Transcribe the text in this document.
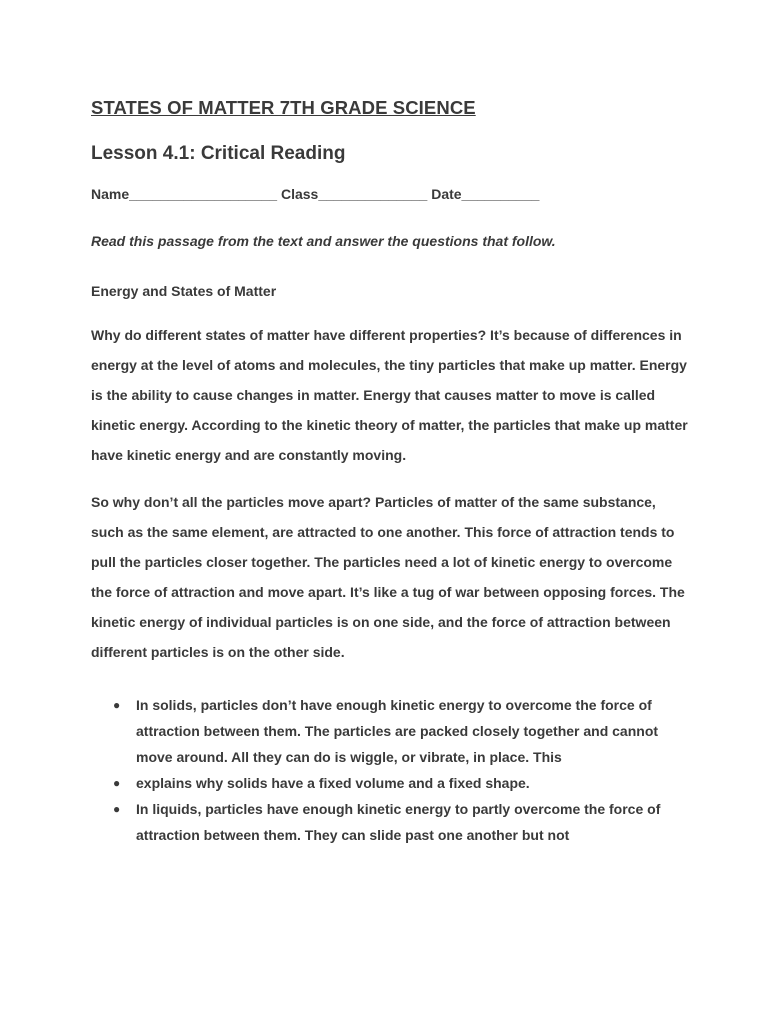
STATES OF MATTER 7TH GRADE SCIENCE
Lesson 4.1: Critical Reading
Name___________________ Class______________ Date__________
Read this passage from the text and answer the questions that follow.
Energy and States of Matter

Why do different states of matter have different properties? It’s because of differences in energy at the level of atoms and molecules, the tiny particles that make up matter. Energy is the ability to cause changes in matter. Energy that causes matter to move is called kinetic energy. According to the kinetic theory of matter, the particles that make up matter have kinetic energy and are constantly moving.

So why don’t all the particles move apart? Particles of matter of the same substance, such as the same element, are attracted to one another. This force of attraction tends to pull the particles closer together. The particles need a lot of kinetic energy to overcome the force of attraction and move apart. It’s like a tug of war between opposing forces. The kinetic energy of individual particles is on one side, and the force of attraction between different particles is on the other side.

● In solids, particles don’t have enough kinetic energy to overcome the force of attraction between them. The particles are packed closely together and cannot move around. All they can do is wiggle, or vibrate, in place. This
● explains why solids have a fixed volume and a fixed shape.
● In liquids, particles have enough kinetic energy to partly overcome the force of attraction between them. They can slide past one another but not
